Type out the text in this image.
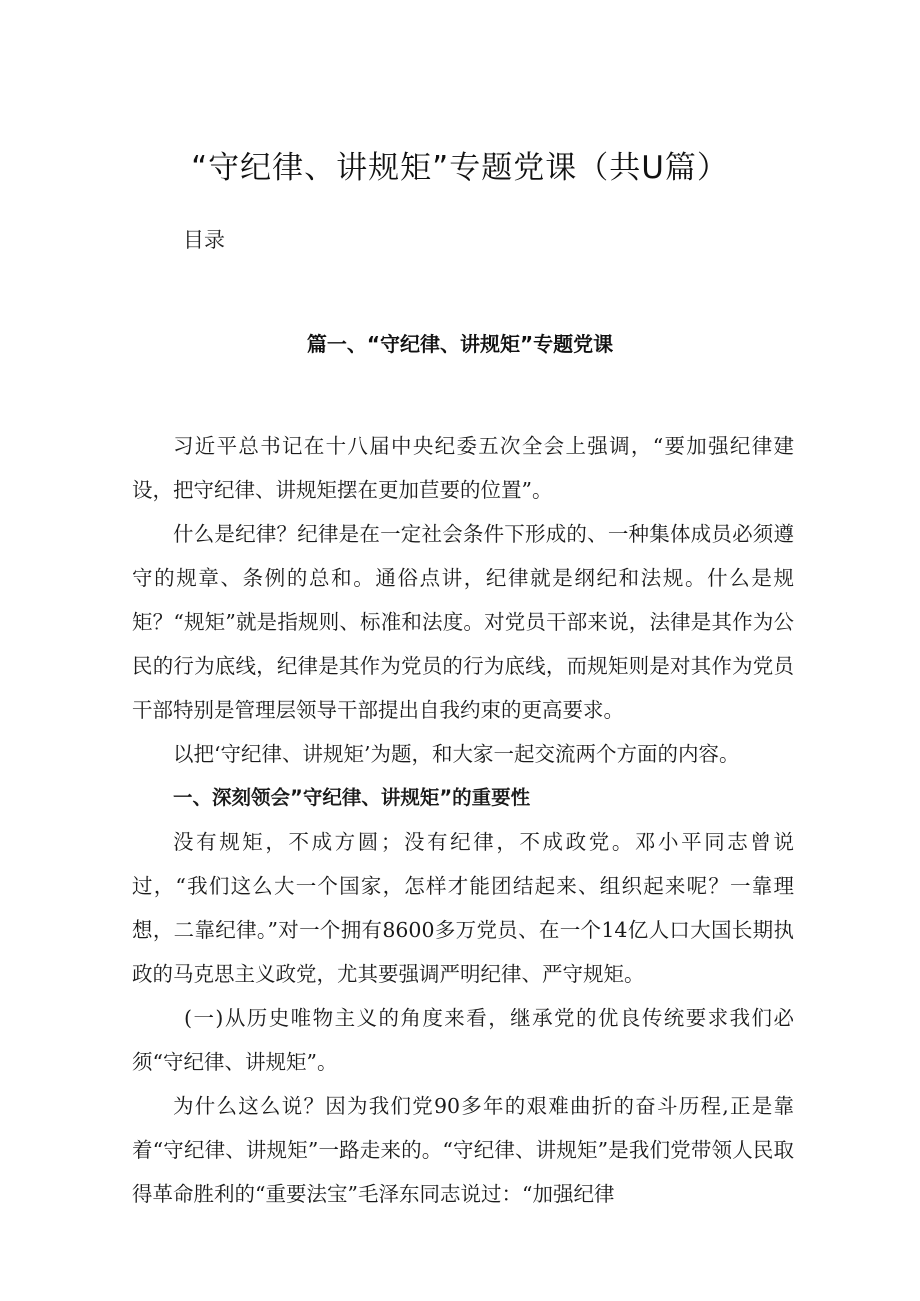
“守纪律、讲规矩”专题党课（共U篇）
目录
篇一、“守纪律、讲规矩”专题党课

习近平总书记在十八届中央纪委五次全会上强调，“要加强纪律建设，把守纪律、讲规矩摆在更加苣要的位置”。

什么是纪律？纪律是在一定社会条件下形成的、一种集体成员必须遵守的规章、条例的总和。通俗点讲，纪律就是纲纪和法规。什么是规矩？“规矩”就是指规则、标准和法度。对党员干部来说，法律是其作为公民的行为底线，纪律是其作为党员的行为底线，而规矩则是对其作为党员干部特别是管理层领导干部提出自我约束的更高要求。

以把‘守纪律、讲规矩’为题，和大家一起交流两个方面的内容。

一、深刻领会”守纪律、讲规矩”的重要性

没有规矩，不成方圆；没有纪律，不成政党。邓小平同志曾说过，“我们这么大一个国家，怎样才能团结起来、组织起来呢？一靠理想，二靠纪律。”对一个拥有8600多万党员、在一个14亿人口大国长期执政的马克思主义政党，尤其要强调严明纪律、严守规矩。

(一)从历史唯物主义的角度来看，继承党的优良传统要求我们必须“守纪律、讲规矩”。

为什么这么说？因为我们党90多年的艰难曲折的奋斗历程,正是靠着“守纪律、讲规矩”一路走来的。“守纪律、讲规矩”是我们党带领人民取得革命胜利的“重要法宝”毛泽东同志说过：“加强纪律
